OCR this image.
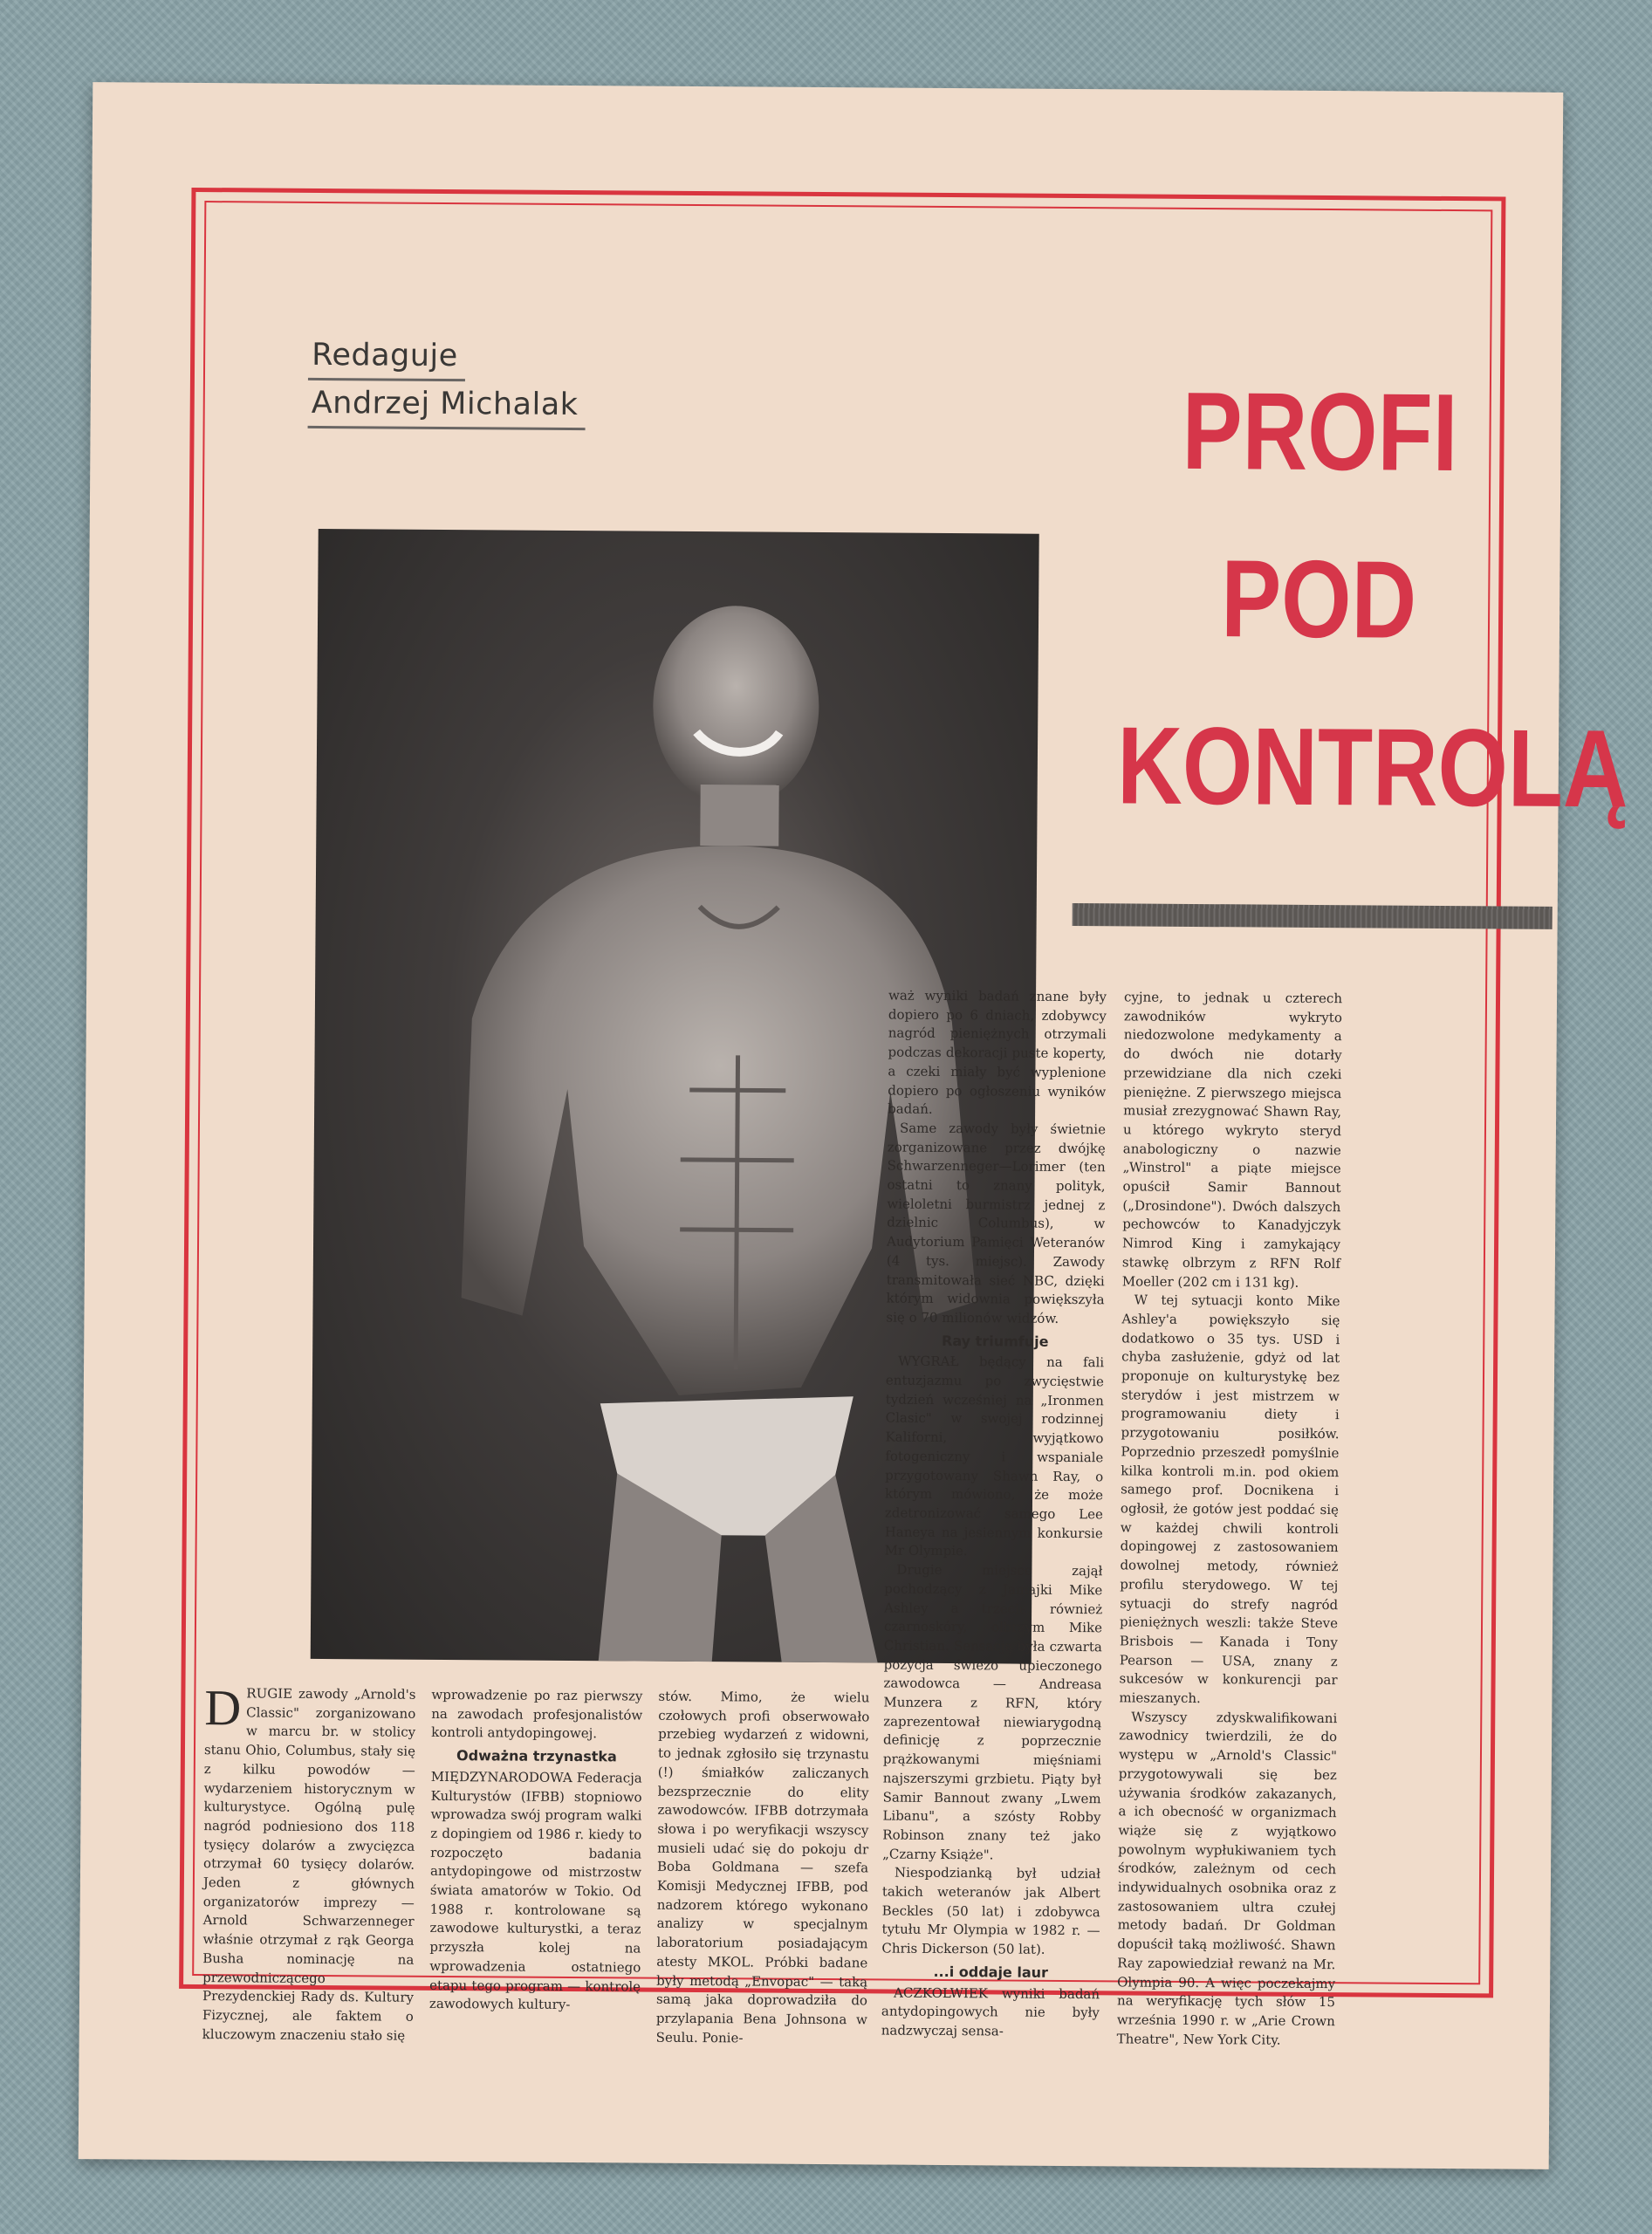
Redaguje
Andrzej Michalak	PROFI
POD
KONTROLĄ
D RUGIE zawody „Arnold's Classic" zorganizowano w marcu br. w stolicy stanu Ohio, Columbus, stały się z kilku powodów — wydarzeniem historycznym w kulturystyce. Ogólną pulę nagród podniesiono dos 118 tysięcy dolarów a zwycięzca otrzymał 60 tysięcy dolarów. Jeden z głównych organizatorów imprezy — Arnold Schwarzenneger właśnie otrzymał z rąk Georga Busha nominację na przewodniczącego Prezydenckiej Rady ds. Kultury Fizycznej, ale faktem o kluczowym znaczeniu stało się

wprowadzenie po raz pierwszy na zawodach profesjonalistów kontroli antydopingowej.

Odważna trzynastka

MIĘDZYNARODOWA Federacja Kulturystów (IFBB) stopniowo wprowadza swój program walki z dopingiem od 1986 r. kiedy to rozpoczęto badania antydopingowe od mistrzostw świata amatorów w Tokio. Od 1988 r. kontrolowane są zawodowe kulturystki, a teraz przyszła kolej na wprowadzenia ostatniego etapu tego program — kontrolę zawodowych kultury-

stów. Mimo, że wielu czołowych profi obserwowało przebieg wydarzeń z widowni, to jednak zgłosiło się trzynastu (!) śmiałków zaliczanych bezsprzecznie do elity zawodowców. IFBB dotrzymała słowa i po weryfikacji wszyscy musieli udać się do pokoju dr Boba Goldmana — szefa Komisji Medycznej IFBB, pod nadzorem którego wykonano analizy w specjalnym laboratorium posiadającym atesty MKOL. Próbki badane były metodą „Envopac" — taką samą jaka doprowadziła do przylapania Bena Johnsona w Seulu. Ponie-

waż wyniki badań znane były dopiero po 6 dniach, zdobywcy nagród pieniężnych otrzymali podczas dekoracji puste koperty, a czeki miały być wyplenione dopiero po ogłoszeniu wyników badań.

Same zawody były świetnie zorganizowane przez dwójkę Schwarzenneger—Lorimer (ten ostatni to znany polityk, wieloletni burmistrz jednej z dzielnic Columbus), w Audytorium Pamięci Weteranów (4 tys. miejsc). Zawody transmitowała sieć NBC, dzięki którym widownia powiększyła się o 70 milionów widzów.

Ray triumfuje

WYGRAŁ będący na fali entuzjazmu po zwycięstwie tydzień wcześniej na „Ironmen Clasic" w swojej rodzinnej Kaliforni, wyjątkowo fotogeniczny i wspaniale przygotowany Shawn Ray, o którym mówiono, że może zdetronizować samego Lee Haneya na jesiennym konkursie Mr Olympie.

Drugie miejsce zajął pochodzący z Jamajki Mike Ashley a trzecie również czarnoskóry, olbrzym Mike Christian. Sensacją była czwarta pozycja świeżo upieczonego zawodowca — Andreasa Munzera z RFN, który zaprezentował niewiarygodną definicję z poprzecznie prążkowanymi mięśniami najszerszymi grzbietu. Piąty był Samir Bannout zwany „Lwem Libanu", a szósty Robby Robinson znany też jako „Czarny Książe".

Niespodzianką był udział takich weteranów jak Albert Beckles (50 lat) i zdobywca tytułu Mr Olympia w 1982 r. — Chris Dickerson (50 lat).

...i oddaje laur

ACZKOLWIEK wyniki badań antydopingowych nie były nadzwyczaj sensa-

cyjne, to jednak u czterech zawodników wykryto niedozwolone medykamenty a do dwóch nie dotarły przewidziane dla nich czeki pieniężne. Z pierwszego miejsca musiał zrezygnować Shawn Ray, u którego wykryto steryd anabologiczny o nazwie „Winstrol" a piąte miejsce opuścił Samir Bannout („Drosindone"). Dwóch dalszych pechowców to Kanadyjczyk Nimrod King i zamykający stawkę olbrzym z RFN Rolf Moeller (202 cm i 131 kg).

W tej sytuacji konto Mike Ashley'a powiększyło się dodatkowo o 35 tys. USD i chyba zasłużenie, gdyż od lat proponuje on kulturystykę bez sterydów i jest mistrzem w programowaniu diety i przygotowaniu posiłków. Poprzednio przeszedł pomyślnie kilka kontroli m.in. pod okiem samego prof. Docnikena i ogłosił, że gotów jest poddać się w każdej chwili kontroli dopingowej z zastosowaniem dowolnej metody, również profilu sterydowego. W tej sytuacji do strefy nagród pieniężnych weszli: także Steve Brisbois — Kanada i Tony Pearson — USA, znany z sukcesów w konkurencji par mieszanych.

Wszyscy zdyskwalifikowani zawodnicy twierdzili, że do występu w „Arnold's Classic" przygotowywali się bez używania środków zakazanych, a ich obecność w organizmach wiąże się z wyjątkowo powolnym wypłukiwaniem tych środków, zależnym od cech indywidualnych osobnika oraz z zastosowaniem ultra czułej metody badań. Dr Goldman dopuścił taką możliwość. Shawn Ray zapowiedział rewanż na Mr. Olympia 90. A więc poczekajmy na weryfikację tych słów 15 września 1990 r. w „Arie Crown Theatre", New York City.
